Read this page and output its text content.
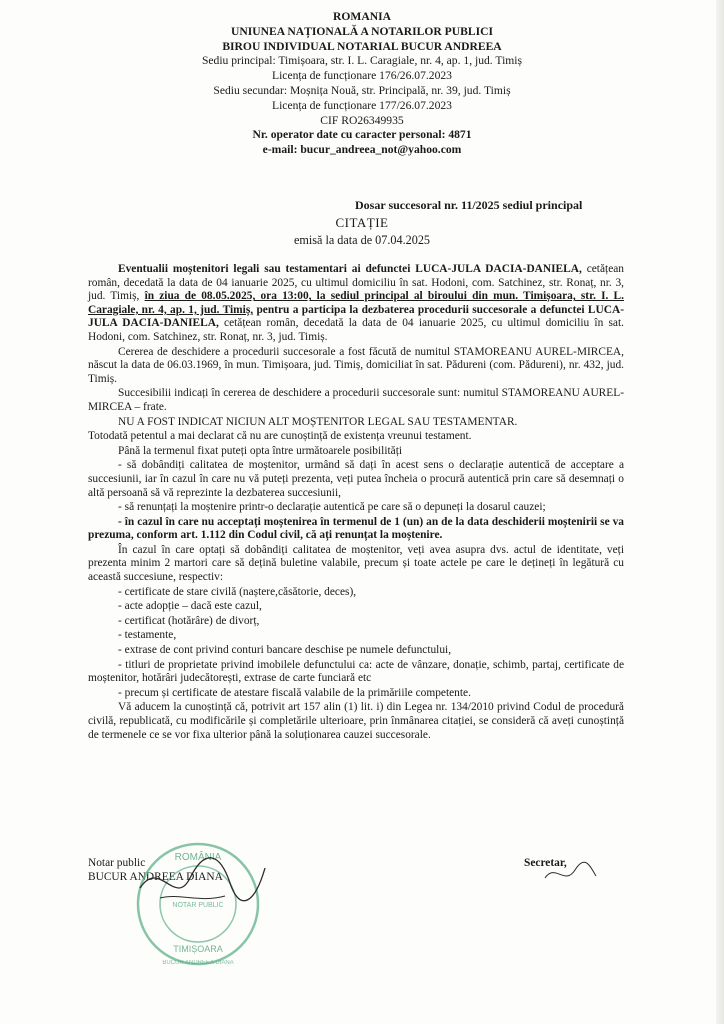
ROMANIA
UNIUNEA NAȚIONALĂ A NOTARILOR PUBLICI
BIROU INDIVIDUAL NOTARIAL BUCUR ANDREEA
Sediu principal: Timișoara, str. I. L. Caragiale, nr. 4, ap. 1, jud. Timiș
Licența de funcționare 176/26.07.2023
Sediu secundar: Moșnița Nouă, str. Principală, nr. 39, jud. Timiș
Licența de funcționare 177/26.07.2023
CIF RO26349935
Nr. operator date cu caracter personal: 4871
e-mail: bucur_andreea_not@yahoo.com
Dosar succesoral nr. 11/2025 sediul principal
CITAȚIE
emisă la data de 07.04.2025

Eventualii moștenitori legali sau testamentari ai defunctei LUCA-JULA DACIA-DANIELA, cetățean român, decedată la data de 04 ianuarie 2025, cu ultimul domiciliu în sat. Hodoni, com. Satchinez, str. Ronaț, nr. 3, jud. Timiș, în ziua de 08.05.2025, ora 13:00, la sediul principal al biroului din mun. Timișoara, str. I. L. Caragiale, nr. 4, ap. 1, jud. Timiș, pentru a participa la dezbaterea procedurii succesorale a defunctei LUCA-JULA DACIA-DANIELA, cetățean român, decedată la data de 04 ianuarie 2025, cu ultimul domiciliu în sat. Hodoni, com. Satchinez, str. Ronaț, nr. 3, jud. Timiș.

Cererea de deschidere a procedurii succesorale a fost făcută de numitul STAMOREANU AUREL-MIRCEA, născut la data de 06.03.1969, în mun. Timișoara, jud. Timiș, domiciliat în sat. Pădureni (com. Pădureni), nr. 432, jud. Timiș.

Succesibilii indicați în cererea de deschidere a procedurii succesorale sunt: numitul STAMOREANU AUREL-MIRCEA – frate.

NU A FOST INDICAT NICIUN ALT MOȘTENITOR LEGAL SAU TESTAMENTAR.

Totodată petentul a mai declarat că nu are cunoștință de existența vreunui testament.

Până la termenul fixat puteți opta între următoarele posibilități

- să dobândiți calitatea de moștenitor, urmând să dați în acest sens o declarație autentică de acceptare a succesiunii, iar în cazul în care nu vă puteți prezenta, veți putea încheia o procură autentică prin care să desemnați o altă persoană să vă reprezinte la dezbaterea succesiunii,

- să renunțați la moștenire printr-o declarație autentică pe care să o depuneți la dosarul cauzei;

- în cazul în care nu acceptați moștenirea în termenul de 1 (un) an de la data deschiderii moștenirii se va prezuma, conform art. 1.112 din Codul civil, că ați renunțat la moștenire.

În cazul în care optați să dobândiți calitatea de moștenitor, veți avea asupra dvs. actul de identitate, veți prezenta minim 2 martori care să dețină buletine valabile, precum și toate actele pe care le dețineți în legătură cu această succesiune, respectiv:

- certificate de stare civilă (naștere,căsătorie, deces),

- acte adopție – dacă este cazul,

- certificat (hotărâre) de divorț,

- testamente,

- extrase de cont privind conturi bancare deschise pe numele defunctului,

- titluri de proprietate privind imobilele defunctului ca: acte de vânzare, donație, schimb, partaj, certificate de moștenitor, hotărâri judecătorești, extrase de carte funciară etc

- precum și certificate de atestare fiscală valabile de la primăriile competente.

Vă aducem la cunoștință că, potrivit art 157 alin (1) lit. i) din Legea nr. 134/2010 privind Codul de procedură civilă, republicată, cu modificările și completările ulterioare, prin înmânarea citației, se consideră că aveți cunoștință de termenele ce se vor fixa ulterior până la soluționarea cauzei succesorale.

Notar public
BUCUR ANDREEA DIANA
Secretar,
ROMÂNIA
NOTAR PUBLIC
TIMIȘOARA
BUCUR ANDREEA DIANA
